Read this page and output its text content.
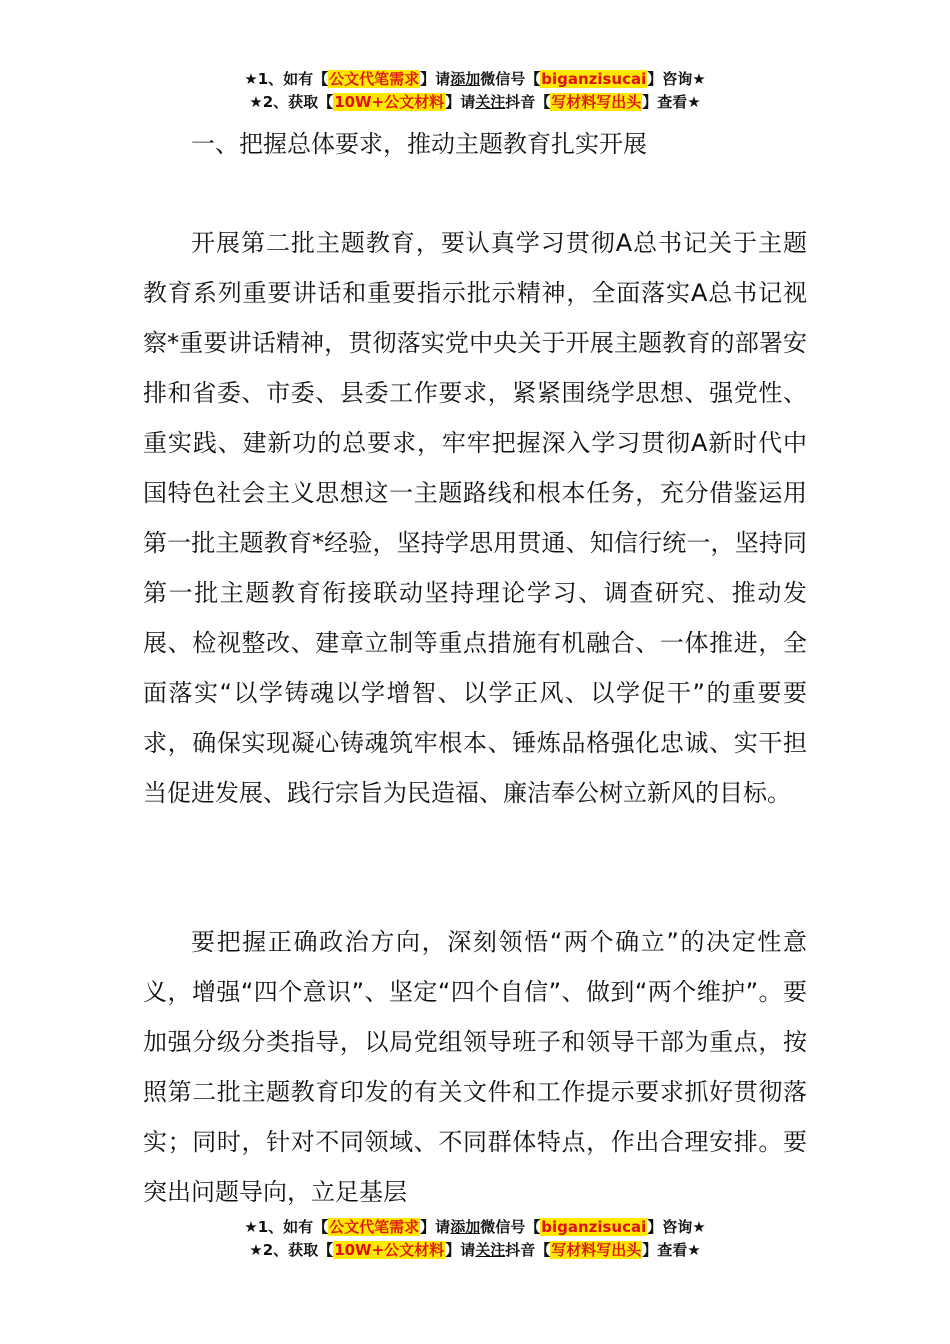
★1、如有【公文代笔需求】请添加微信号【biganzisucai】咨询★
★2、获取【10W+公文材料】请关注抖音【写材料写出头】查看★
一、把握总体要求，推动主题教育扎实开展

开展第二批主题教育，要认真学习贯彻A总书记关于主题教育系列重要讲话和重要指示批示精神，全面落实A总书记视察*重要讲话精神，贯彻落实党中央关于开展主题教育的部署安排和省委、市委、县委工作要求，紧紧围绕学思想、强党性、重实践、建新功的总要求，牢牢把握深入学习贯彻A新时代中国特色社会主义思想这一主题路线和根本任务，充分借鉴运用第一批主题教育*经验，坚持学思用贯通、知信行统一，坚持同第一批主题教育衔接联动坚持理论学习、调查研究、推动发展、检视整改、建章立制等重点措施有机融合、一体推进，全面落实“以学铸魂以学增智、以学正风、以学促干”的重要要求，确保实现凝心铸魂筑牢根本、锤炼品格强化忠诚、实干担当促进发展、践行宗旨为民造福、廉洁奉公树立新风的目标。

要把握正确政治方向，深刻领悟“两个确立”的决定性意义，增强“四个意识”、坚定“四个自信”、做到“两个维护”。要加强分级分类指导，以局党组领导班子和领导干部为重点，按照第二批主题教育印发的有关文件和工作提示要求抓好贯彻落实；同时，针对不同领域、不同群体特点，作出合理安排。要突出问题导向，立足基层

★1、如有【公文代笔需求】请添加微信号【biganzisucai】咨询★
★2、获取【10W+公文材料】请关注抖音【写材料写出头】查看★
